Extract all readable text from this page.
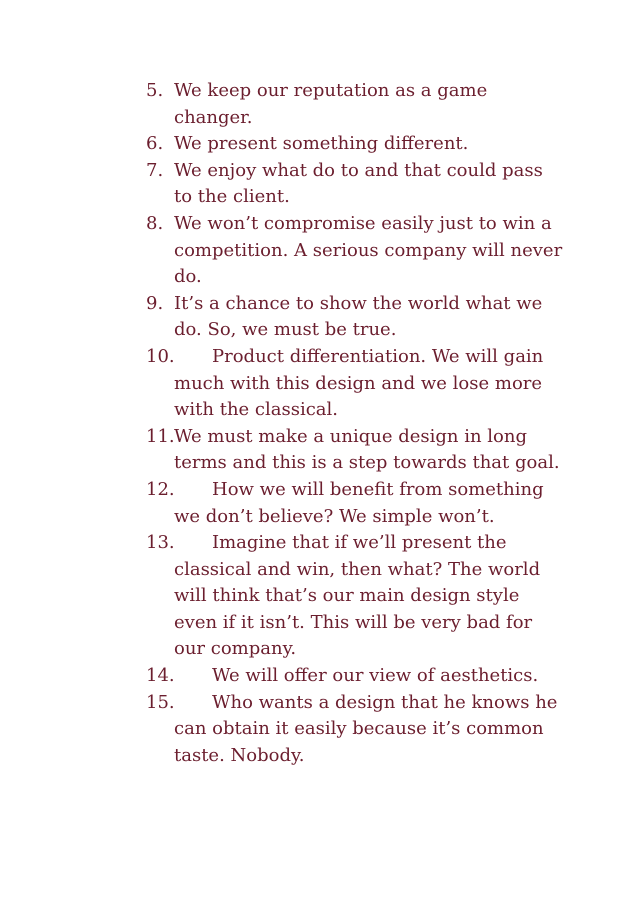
5. We keep our reputation as a game changer.
6. We present something different.
7. We enjoy what do to and that could pass to the client.
8. We won’t compromise easily just to win a competition. A serious company will never do.
9. It’s a chance to show the world what we do. So, we must be true.
10.	Product differentiation. We will gain much with this design and we lose more with the classical.
11. We must make a unique design in long terms and this is a step towards that goal.
12.	How we will benefit from something we don’t believe? We simple won’t.
13.	Imagine that if we’ll present the classical and win, then what? The world will think that’s our main design style even if it isn’t. This will be very bad for our company.
14.	We will offer our view of aesthetics.
15.	Who wants a design that he knows he can obtain it easily because it’s common taste. Nobody.
